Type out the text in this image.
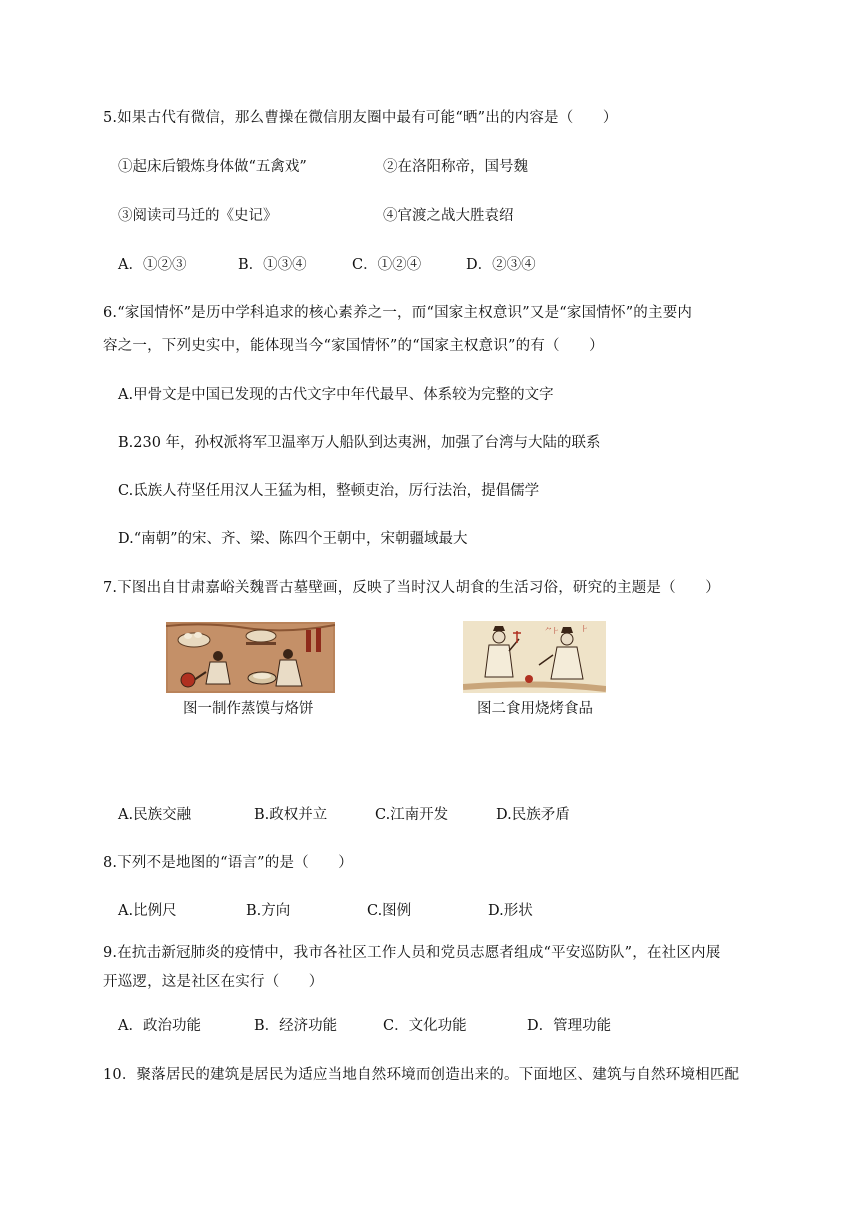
5.如果古代有微信，那么曹操在微信朋友圈中最有可能“晒”出的内容是（　　）
①起床后锻炼身体做“五禽戏”	②在洛阳称帝，国号魏
③阅读司马迁的《史记》	④官渡之战大胜袁绍
A．①②③	B．①③④	C．①②④	D．②③④
6.“家国情怀”是历中学科追求的核心素养之一，而“国家主权意识”又是“家国情怀”的主要内
容之一，下列史实中，能体现当今“家国情怀”的“国家主权意识”的有（　　）
A.甲骨文是中国已发现的古代文字中年代最早、体系较为完整的文字
B.230 年，孙权派将军卫温率万人船队到达夷洲，加强了台湾与大陆的联系
C.氐族人苻坚任用汉人王猛为相，整顿吏治，厉行法治，提倡儒学
D.“南朝”的宋、齐、梁、陈四个王朝中，宋朝疆域最大
7.下图出自甘肃嘉峪关魏晋古墓壁画，反映了当时汉人胡食的生活习俗，研究的主题是（　　）
⺈⺊	⺊
图一制作蒸馍与烙饼	图二食用烧烤食品
A.民族交融	B.政权并立	C.江南开发	D.民族矛盾
8.下列不是地图的“语言”的是（　　）
A.比例尺	B.方向	C.图例	D.形状
9.在抗击新冠肺炎的疫情中，我市各社区工作人员和党员志愿者组成“平安巡防队”，在社区内展
开巡逻，这是社区在实行（　　）
A．政治功能	B．经济功能	C．文化功能	D．管理功能
10．聚落居民的建筑是居民为适应当地自然环境而创造出来的。下面地区、建筑与自然环境相匹配
